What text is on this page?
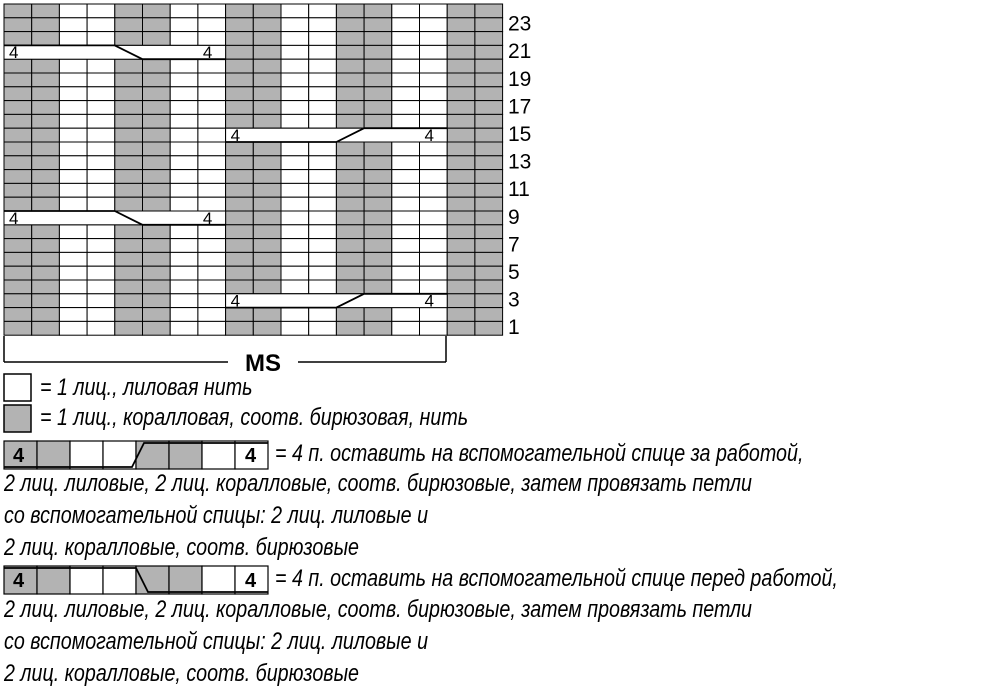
4	4
4	4
4	4
4	4
23
21
19
17
15
13
11
9
7
5
3
1
MS
4	4
4	4
= 1 лиц., лиловая нить
= 1 лиц., коралловая, соотв. бирюзовая, нить
= 4 п. оставить на вспомогательной спице за работой,
2 лиц. лиловые, 2 лиц. коралловые, соотв. бирюзовые, затем провязать петли
со вспомогательной спицы: 2 лиц. лиловые и
2 лиц. коралловые, соотв. бирюзовые
= 4 п. оставить на вспомогательной спице перед работой,
2 лиц. лиловые, 2 лиц. коралловые, соотв. бирюзовые, затем провязать петли
со вспомогательной спицы: 2 лиц. лиловые и
2 лиц. коралловые, соотв. бирюзовые
